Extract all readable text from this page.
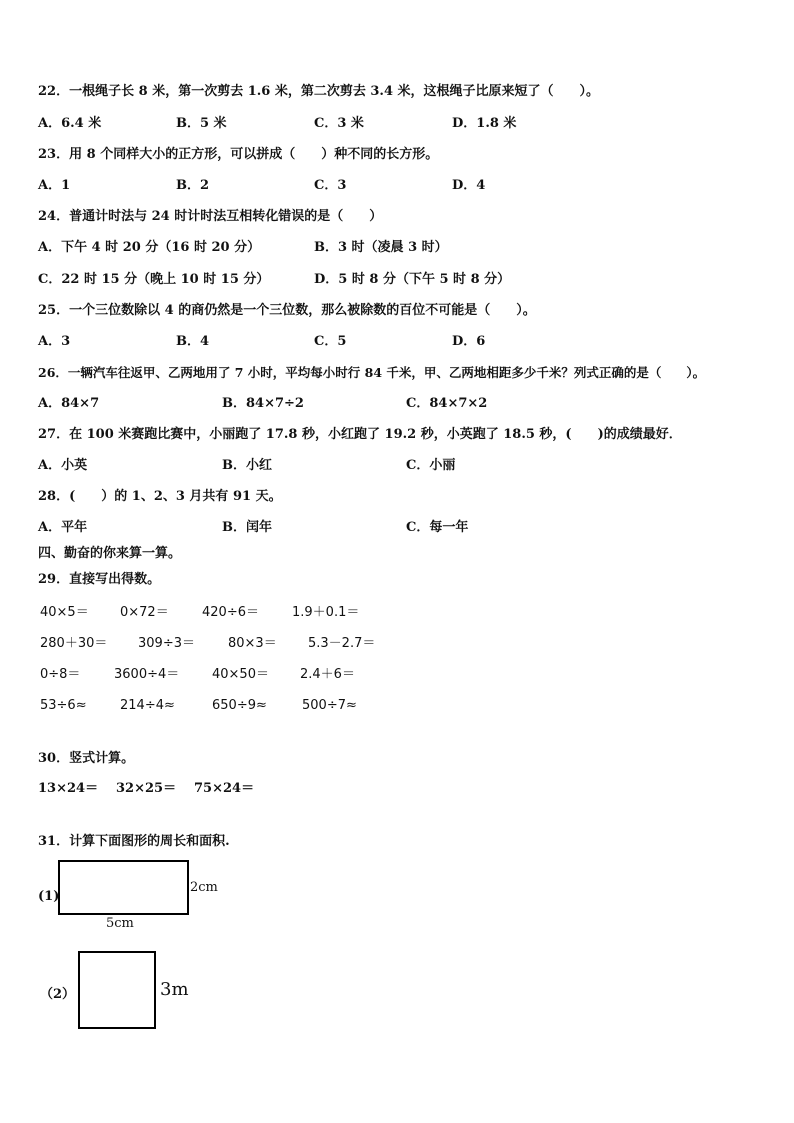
22．一根绳子长 8 米，第一次剪去 1.6 米，第二次剪去 3.4 米，这根绳子比原来短了（　　）。
A．6.4 米	B．5 米	C．3 米	D．1.8 米
23．用 8 个同样大小的正方形，可以拼成（　　）种不同的长方形。
A．1	B．2	C．3	D．4
24．普通计时法与 24 时计时法互相转化错误的是（　　）
A．下午 4 时 20 分（16 时 20 分）	B．3 时（凌晨 3 时）
C．22 时 15 分（晚上 10 时 15 分）	D．5 时 8 分（下午 5 时 8 分）
25．一个三位数除以 4 的商仍然是一个三位数，那么被除数的百位不可能是（　　）。
A．3	B．4	C．5	D．6
26．一辆汽车往返甲、乙两地用了 7 小时，平均每小时行 84 千米，甲、乙两地相距多少千米？列式正确的是（　　）。
A．84×7	B．84×7÷2	C．84×7×2
27．在 100 米赛跑比赛中，小丽跑了 17.8 秒，小红跑了 19.2 秒，小英跑了 18.5 秒，(　　)的成绩最好．
A．小英	B．小红	C．小丽
28．(　　）的 1、2、3 月共有 91 天。
A．平年	B．闰年	C．每一年
四、勤奋的你来算一算。
29．直接写出得数。
40×5＝ 0×72＝	420÷6＝	1.9＋0.1＝
280＋30＝ 309÷3＝	80×3＝ 5.3－2.7＝
0÷8＝	3600÷4＝	40×50＝ 2.4＋6＝
53÷6≈	214÷4≈	650÷9≈	500÷7≈
30．竖式计算。
13×24＝ 32×25＝ 75×24＝
31．计算下面图形的周长和面积.
(1)
2cm
5cm
（2）	3m
